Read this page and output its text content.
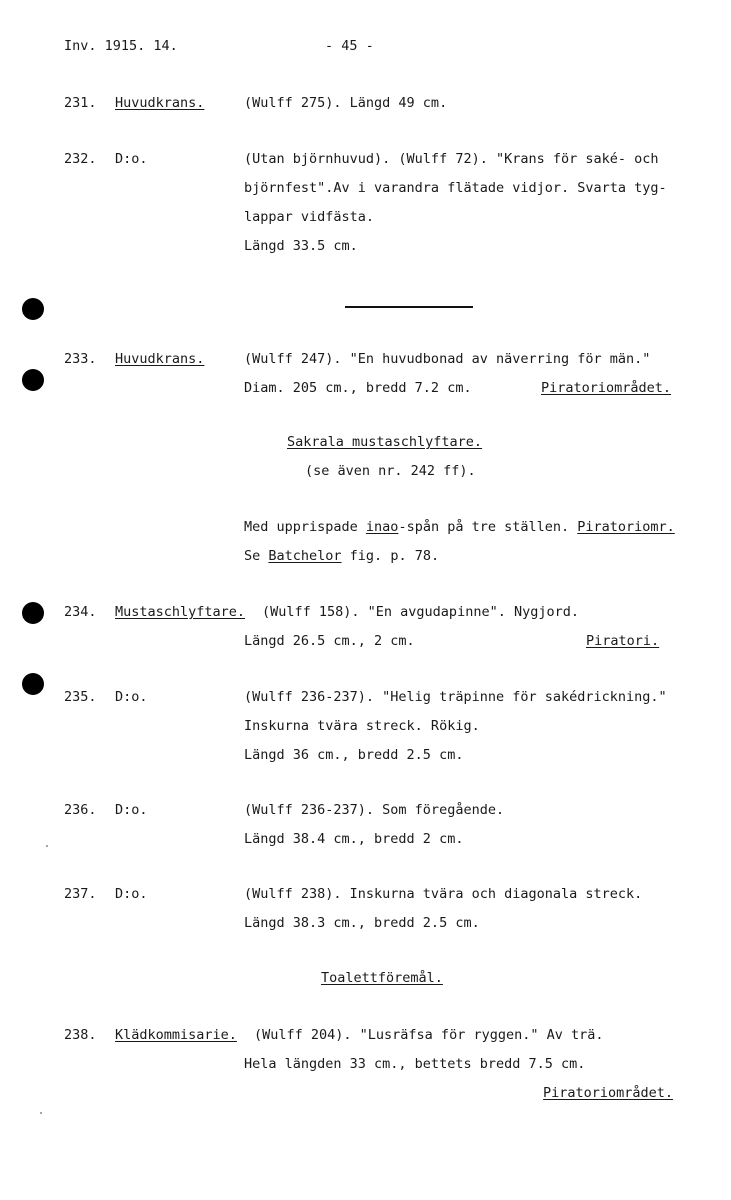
Inv. 1915. 14.	- 45 -
231. Huvudkrans.	(Wulff 275). Längd 49 cm.
232. D:o.	(Utan björnhuvud). (Wulff 72). "Krans för saké- och
björnfest".Av i varandra flätade vidjor. Svarta tyg-
lappar vidfästa.
Längd 33.5 cm.
233. Huvudkrans.	(Wulff 247). "En huvudbonad av näverring för män."
Diam. 205 cm., bredd 7.2 cm.	Piratoriområdet.
Sakrala mustaschlyftare.
(se även nr. 242 ff).
Med upprispade inao-spån på tre ställen. Piratoriomr.
Se Batchelor fig. p. 78.
234. Mustaschlyftare. (Wulff 158). "En avgudapinne". Nygjord.
Längd 26.5 cm., 2 cm.	Piratori.
235. D:o.	(Wulff 236-237). "Helig träpinne för sakédrickning."
Inskurna tvära streck. Rökig.
Längd 36 cm., bredd 2.5 cm.
236. D:o.	(Wulff 236-237). Som föregående.
Längd 38.4 cm., bredd 2 cm.
237. D:o.	(Wulff 238). Inskurna tvära och diagonala streck.
Längd 38.3 cm., bredd 2.5 cm.
Toalettföremål.
238. Klädkommisarie. (Wulff 204). "Lusräfsa för ryggen." Av trä.
Hela längden 33 cm., bettets bredd 7.5 cm.
Piratoriområdet.
